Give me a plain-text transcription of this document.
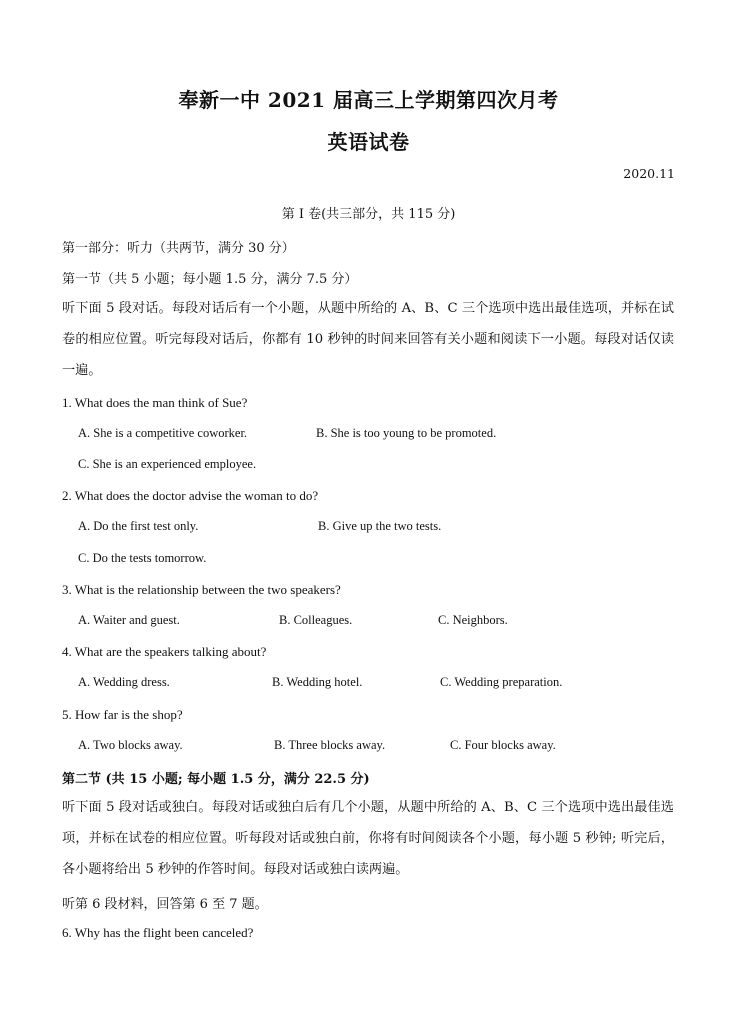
奉新一中 2021 届高三上学期第四次月考
英语试卷
2020.11
第 I 卷(共三部分，共 115 分)
第一部分：听力（共两节，满分 30 分）
第一节（共 5 小题；每小题 1.5 分，满分 7.5 分）
听下面 5 段对话。每段对话后有一个小题，从题中所给的 A、B、C 三个选项中选出最佳选项，并标在试卷的相应位置。听完每段对话后，你都有 10 秒钟的时间来回答有关小题和阅读下一小题。每段对话仅读一遍。
1. What does the man think of Sue?
A. She is a competitive coworker.	B. She is too young to be promoted.
C. She is an experienced employee.
2. What does the doctor advise the woman to do?
A. Do the first test only.	B. Give up the two tests.
C. Do the tests tomorrow.
3. What is the relationship between the two speakers?
A. Waiter and guest.	B. Colleagues.	C. Neighbors.
4. What are the speakers talking about?
A. Wedding dress.	B. Wedding hotel.	C. Wedding preparation.
5. How far is the shop?
A. Two blocks away.	B. Three blocks away.	C. Four blocks away.
第二节 (共 15 小题; 每小题 1.5 分，满分 22.5 分)
听下面 5 段对话或独白。每段对话或独白后有几个小题，从题中所给的 A、B、C 三个选项中选出最佳选项，并标在试卷的相应位置。听每段对话或独白前，你将有时间阅读各个小题，每小题 5 秒钟; 听完后，各小题将给出 5 秒钟的作答时间。每段对话或独白读两遍。
听第 6 段材料，回答第 6 至 7 题。
6. Why has the flight been canceled?
